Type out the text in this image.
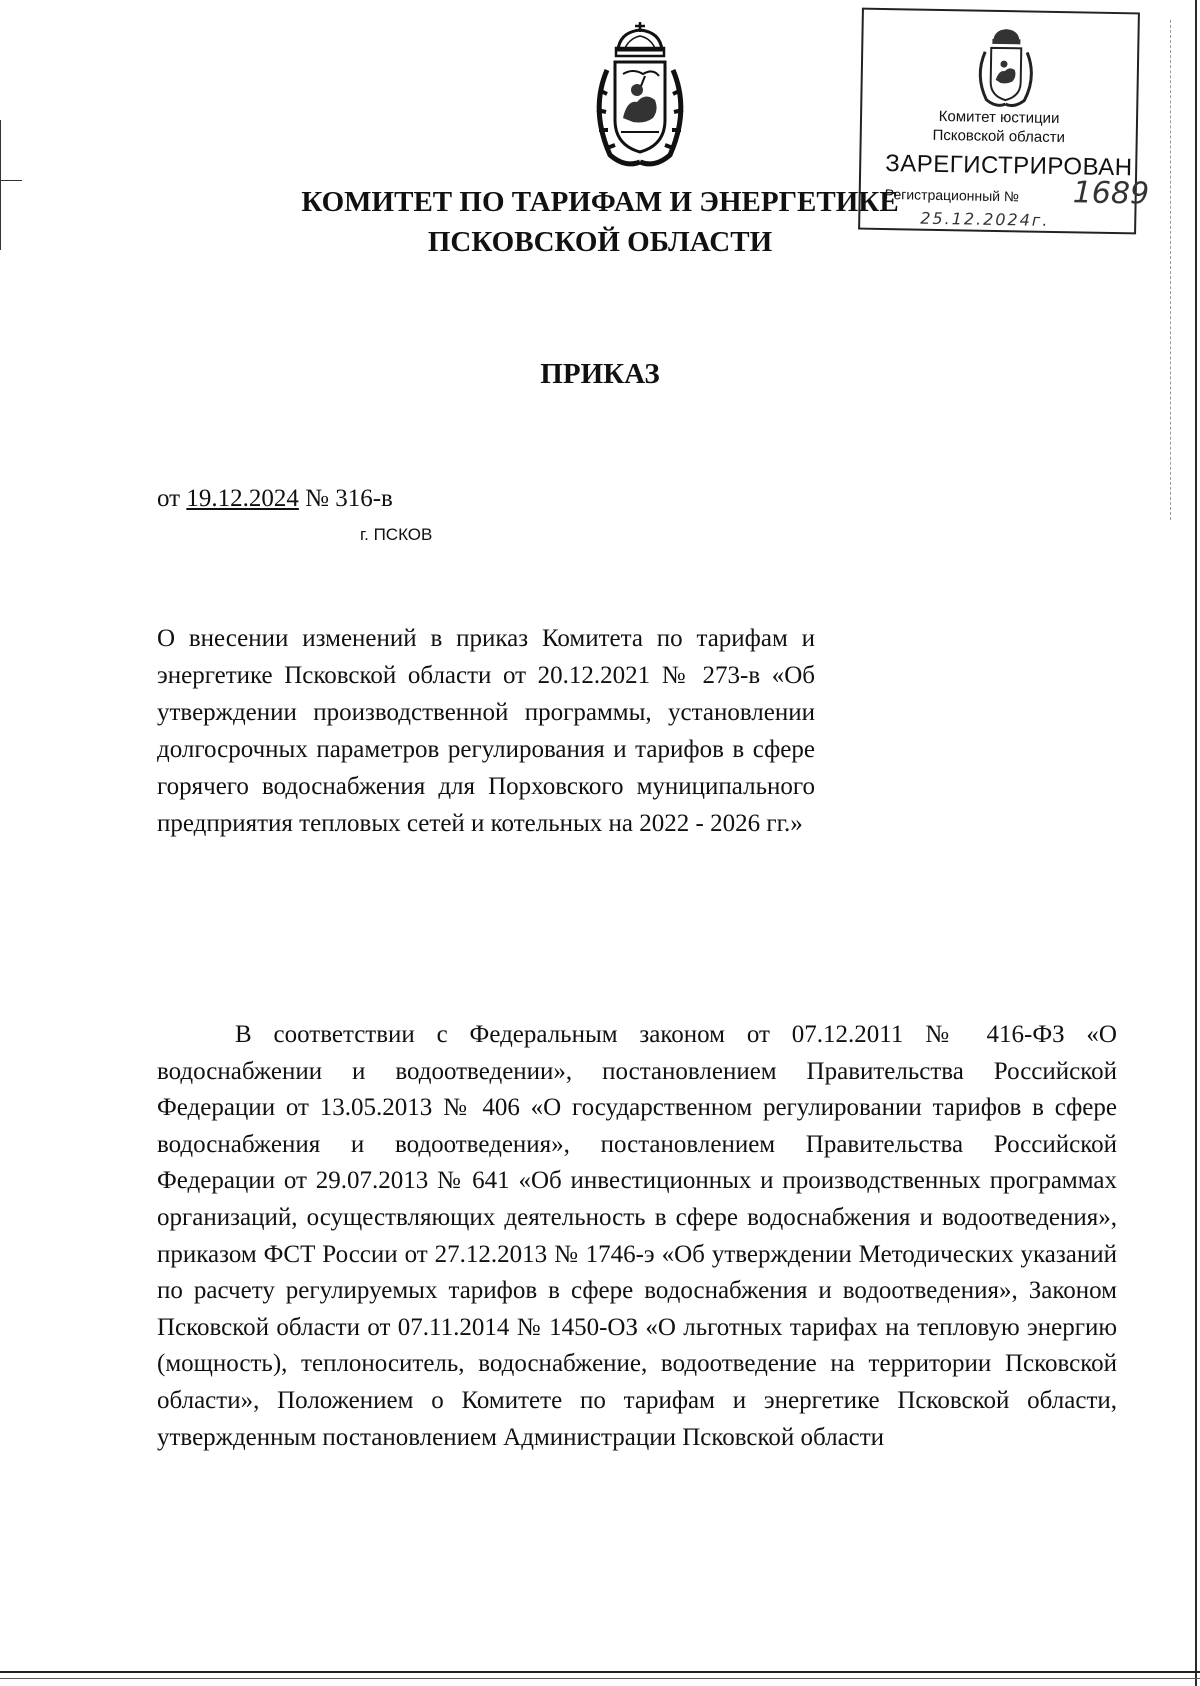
Комитет юстиции
Псковской области
ЗАРЕГИСТРИРОВАН
Регистрационный № 1689
25.12.2024г.
КОМИТЕТ ПО ТАРИФАМ И ЭНЕРГЕТИКЕ
ПСКОВСКОЙ ОБЛАСТИ
ПРИКАЗ
от 19.12.2024 № 316-в
г. ПСКОВ
О внесении изменений в приказ Комитета по тарифам и энергетике Псковской области от 20.12.2021 № 273-в «Об утверждении производственной программы, установлении долгосрочных параметров регулирования и тарифов в сфере горячего водоснабжения для Порховского муниципального предприятия тепловых сетей и котельных на 2022 - 2026 гг.»
В соответствии с Федеральным законом от 07.12.2011 № 416-ФЗ «О водоснабжении и водоотведении», постановлением Правительства Российской Федерации от 13.05.2013 № 406 «О государственном регулировании тарифов в сфере водоснабжения и водоотведения», постановлением Правительства Российской Федерации от 29.07.2013 № 641 «Об инвестиционных и производственных программах организаций, осуществляющих деятельность в сфере водоснабжения и водоотведения», приказом ФСТ России от 27.12.2013 № 1746-э «Об утверждении Методических указаний по расчету регулируемых тарифов в сфере водоснабжения и водоотведения», Законом Псковской области от 07.11.2014 № 1450-ОЗ «О льготных тарифах на тепловую энергию (мощность), теплоноситель, водоснабжение, водоотведение на территории Псковской области», Положением о Комитете по тарифам и энергетике Псковской области, утвержденным постановлением Администрации Псковской области
